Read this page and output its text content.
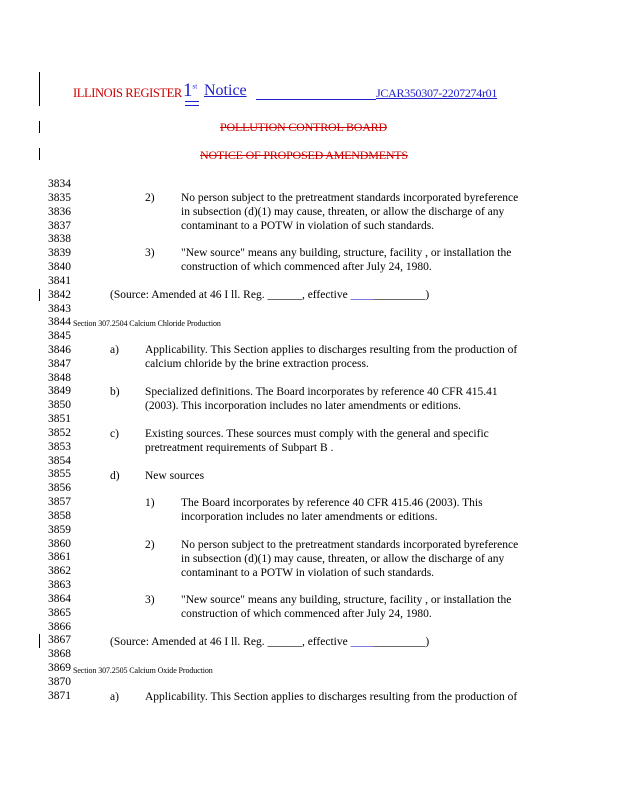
ILLINOIS REGISTER 1st Notice	JCAR350307-2207274r01
POLLUTION CONTROL BOARD
NOTICE OF PROPOSED AMENDMENTS
3834
3835
3836
3837
3838
3839
3840
3841
3842
3843
3844
3845
3846
3847
3848
3849
3850
3851
3852
3853
3854
3855
3856
3857
3858
3859
3860
3861
3862
3863
3864
3865
3866
3867
3868
3869
3870
3871
2) No person subject to the pretreatment standards incorporated byreference
in subsection (d)(1) may cause, threaten, or allow the discharge of any
contaminant to a POTW in violation of such standards.
3) "New source" means any building, structure, facility , or installation the
construction of which commenced after July 24, 1980.
(Source: Amended at 46 I ll. Reg. ______, effective _____________)
Section 307.2504 Calcium Chloride Production
a) Applicability. This Section applies to discharges resulting from the production of
calcium chloride by the brine extraction process.
b) Specialized definitions. The Board incorporates by reference 40 CFR 415.41
(2003). This incorporation includes no later amendments or editions.
c) Existing sources. These sources must comply with the general and specific
pretreatment requirements of Subpart B .
d) New sources
1) The Board incorporates by reference 40 CFR 415.46 (2003). This
incorporation includes no later amendments or editions.
2) No person subject to the pretreatment standards incorporated byreference
in subsection (d)(1) may cause, threaten, or allow the discharge of any
contaminant to a POTW in violation of such standards.
3) "New source" means any building, structure, facility , or installation the
construction of which commenced after July 24, 1980.
(Source: Amended at 46 I ll. Reg. ______, effective _____________)
Section 307.2505 Calcium Oxide Production
a) Applicability. This Section applies to discharges resulting from the production of
